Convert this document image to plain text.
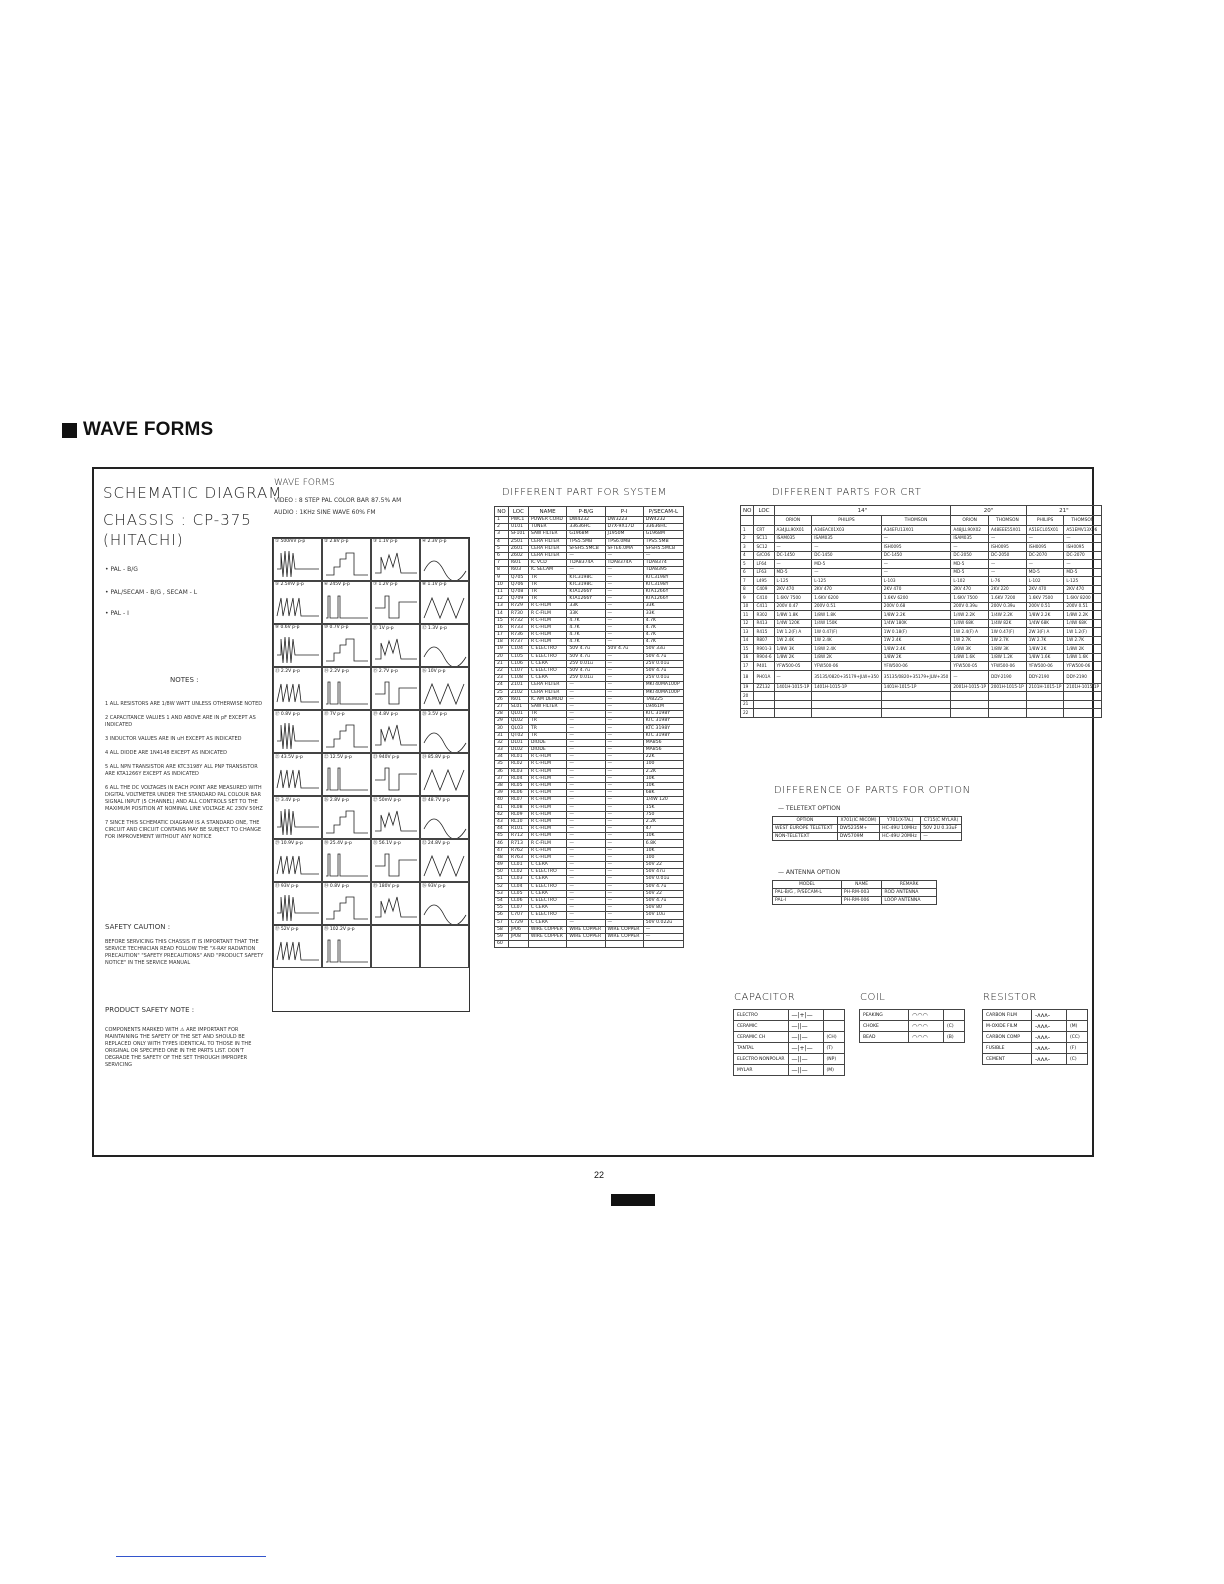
WAVE FORMS
SCHEMATIC DIAGRAM
CHASSIS : CP-375
(HITACHI)
• PAL - B/G
• PAL/SECAM - B/G , SECAM - L
• PAL - I
NOTES :
1 ALL RESISTORS ARE 1/8W WATT UNLESS OTHERWISE NOTED
2 CAPACITANCE VALUES 1 AND ABOVE ARE IN pF EXCEPT AS INDICATED
3 INDUCTOR VALUES ARE IN uH EXCEPT AS INDICATED
4 ALL DIODE ARE 1N4148 EXCEPT AS INDICATED
5 ALL NPN TRANSISTOR ARE KTC3198Y ALL PNP TRANSISTOR ARE KTA1266Y EXCEPT AS INDICATED
6 ALL THE DC VOLTAGES IN EACH POINT ARE MEASURED WITH DIGITAL VOLTMETER UNDER THE STANDARD PAL COLOUR BAR SIGNAL INPUT (5 CHANNEL) AND ALL CONTROLS SET TO THE MAXIMUM POSITION AT NOMINAL LINE VOLTAGE AC 230V 50HZ
7 SINCE THIS SCHEMATIC DIAGRAM IS A STANDARD ONE, THE CIRCUIT AND CIRCUIT CONTAINS MAY BE SUBJECT TO CHANGE FOR IMPROVEMENT WITHOUT ANY NOTICE
SAFETY CAUTION :
BEFORE SERVICING THIS CHASSIS IT IS IMPORTANT THAT THE SERVICE TECHNICIAN READ FOLLOW THE "X-RAY RADIATION PRECAUTION" "SAFETY PRECAUTIONS" AND "PRODUCT SAFETY NOTICE" IN THE SERVICE MANUAL
PRODUCT SAFETY NOTE :
COMPONENTS MARKED WITH ⚠ ARE IMPORTANT FOR MAINTAINING THE SAFETY OF THE SET AND SHOULD BE REPLACED ONLY WITH TYPES IDENTICAL TO THOSE IN THE ORIGINAL OR SPECIFIED ONE IN THE PARTS LIST. DON'T DEGRADE THE SAFETY OF THE SET THROUGH IMPROPER SERVICING
WAVE FORMS
VIDEO : 8 STEP PAL COLOR BAR 87.5% AM
AUDIO : 1KHz SINE WAVE 60% FM
① 500mV p-p	② 2.8V p-p	③ 1.1V p-p	④ 2.3V p-p
⑤ 2.5mV p-p	⑥ 245V p-p	⑦ 1.2V p-p	⑧ 1.1V p-p
⑨ 0.6V p-p	⑩ 0.7V p-p	⑪ 1V p-p	⑫ 1.3V p-p
⑬ 2.2V p-p	⑭ 2.2V p-p	⑮ 2.7V p-p	⑯ 10V p-p
⑰ 0.8V p-p	⑱ 7V p-p	⑲ 4.8V p-p	⑳ 3.5V p-p
㉑ 43.5V p-p	㉒ 12.5V p-p	㉓ 940V p-p	㉔ 85.8V p-p
㉕ 3.4V p-p	㉖ 2.8V p-p	㉗ 50mV p-p	㉘ 48.7V p-p
㉙ 10.9V p-p	㉚ 25.4V p-p	㉛ 56.1V p-p	㉜ 24.8V p-p
㉝ 93V p-p	㉞ 0.8V p-p	㉟ 180V p-p	㊱ 93V p-p
㊲ 52V p-p	㊳ 102.2V p-p
DIFFERENT PART FOR SYSTEM
NO	LOC	NAME	P-B/G	P-I	P/SECAM-L
1	PWC1	POWER CORD	DW4232	DW3223	DW4232
2	U101	TUNER	33636HC	D7X-9X17D	33636HC
3	SF101	SAW FILTER	G1968M	J1950M	G1968M
4	Z501	CERA FILTER	TPS5.5MB	TPS6.0MB	TPS5.5MB
5	Z601	CERA FILTER	SFSH5.5MCB	SFTE6.0MA	SFSH5.5MCB
6	Z602	CERA FILTER	—	—	—
7	I601	IC VCD	TDA8374A	TDA8374A	TDA8374
8	I603	IC SECAM	—	—	TDA8395
9	Q705	TR	KTC3198C	—	KTC3198Y
10	Q706	TR	KTC3198C	—	KTC3198Y
11	Q708	TR	KTA1266Y	—	KTA1266Y
12	Q709	TR	KTA1266Y	—	KTA1266Y
13	R729	R C-FILM	33K	—	33K
14	R730	R C-FILM	33K	—	33K
15	R732	R C-FILM	4.7K	—	4.7K
16	R733	R C-FILM	4.7K	—	4.7K
17	R736	R C-FILM	4.7K	—	4.7K
18	R737	R C-FILM	4.7K	—	4.7K
19	C104	C ELECTRO	50V 4.7u	50V 4.7u	50V 33u
20	C105	C ELECTRO	50V 4.7u	—	50V 4.7u
21	C106	C CERA	25V 0.01u	—	25V 0.01u
22	C107	C ELECTRO	50V 4.7u	—	50V 4.7u
23	C108	C CERA	25V 0.01u	—	25V 0.01u
24	Z101	CERA FILTER	—	—	MKT40MA100P
25	Z102	CERA FILTER	—	—	MKT40MA100P
26	I601	IC AM DEMOD	—	—	TA8225
27	SL01	SAW FILTER	—	—	L9461M
28	QL01	TR	—	—	KTC 3198Y
29	QL02	TR	—	—	KTC 3198Y
30	QL03	TR	—	—	KTC 3198Y
31	QT02	TR	—	—	KTC 3198Y
32	DL01	DIODE	—	—	MA856
33	DL02	DIODE	—	—	MA856
34	RL01	R C-FILM	—	—	22K
35	RL02	R C-FILM	—	—	100
36	RL03	R C-FILM	—	—	2.2K
37	RL04	R C-FILM	—	—	10K
38	RL05	R C-FILM	—	—	10K
39	RL06	R C-FILM	—	—	68K
40	RL07	R C-FILM	—	—	1/4W 120
41	RL08	R C-FILM	—	—	15K
42	RL09	R C-FILM	—	—	750
43	RL10	R C-FILM	—	—	2.2K
44	R101	R C-FILM	—	—	47
45	R712	R C-FILM	—	—	10K
46	R713	R C-FILM	—	—	6.8K
47	R762	R C-FILM	—	—	10K
48	R763	R C-FILM	—	—	100
49	CL01	C CERA	—	—	50V 22
50	CL02	C ELECTRO	—	—	50V 47u
51	CL03	C CERA	—	—	50V 0.01u
52	CL04	C ELECTRO	—	—	50V 4.7u
53	CL05	C CERA	—	—	50V 22
54	CL06	C ELECTRO	—	—	50V 4.7u
55	CL07	C CERA	—	—	50V 80
56	C707	C ELECTRO	—	—	50V 10u
57	C729	C CERA	—	—	50V 0.022u
58	JP06	WIRE COPPER	WIRE COPPER	WIRE COPPER	—
59	JP08	WIRE COPPER	WIRE COPPER	WIRE COPPER	—
60					
DIFFERENT PARTS FOR CRT
NO	LOC	14"			20"		21"	
		ORION	PHILIPS	THOMSON	ORION	THOMSON	PHILIPS	THOMSON
1	CRT	A34JLL90X01	A34EAC01X03	A34EFU13X01	A48JLL90X02	A48EEE55X01	A51ECL05X01	A51EMV13X06
2	SC11	ISAM035	ISAM035	—	ISAM035	—	—	—
3	SC12	—	—	ISH0095	—	ISH0095	ISH0095	ISH0095
4	G/CO6	DC-1450	DC-1450	DC-1450	DC-2050	DC-2050	DC-2070	DC-2070
5	LF64	—	MD-5	—	MD-5	—	—	—
6	LF63	MD-5	—	—	MD-5	—	MD-5	MD-5
7	L495	L-125	L-125	L-103	L-102	L-76	L-102	L-125
8	C409	2KV 470	2KV 470	2KV 470	2KV 470	2KV 220	2KV 470	2KV 470
9	C410	1.6KV 7500	1.6KV 6200	1.6KV 6200	1.6KV 7500	1.6KV 7200	1.6KV 7500	1.6KV 8200
10	C411	200V 0.47	200V 0.51	200V 0.68	200V 0.39u	200V 0.39u	200V 0.51	200V 0.51
11	R302	1/8W 1.8K	1/8W 1.8K	1/8W 2.2K	1/4W 2.2K	1/4W 2.2K	1/8W 2.2K	1/8W 2.2K
12	R413	1/4W 120K	1/4W 150K	1/4W 180K	1/4W 68K	1/4W 82K	1/4W 68K	1/4W 68K
13	R415	1W 1.2(F) A	1W 0.47(F)	1W 0.18(F)	1W 2.4(F) A	1W 0.47(F)	2W 3(F) A	1W 1.2(F)
14	R807	1W 2.4K	1W 2.4K	1W 2.4K	1W 2.7K	1W 2.7K	1W 2.7K	1W 2.7K
15	R901-3	1/8W 3K	1/8W 2.4K	1/8W 2.4K	1/8W 3K	1/8W 3K	1/8W 2K	1/8W 2K
16	R904-6	1/8W 2K	1/8W 2K	1/8W 2K	1/8W 1.6K	1/8W 1.2K	1/8W 1.6K	1/8W 1.6K
17	P401	YFW500-05	YFW500-06	YFW500-06	YFW500-05	YFW500-06	YFW500-06	YFW500-06
18	PH01A	—	35135/0820+35179+JLW+350	35135/0820+35179+JLW+350	—	DDY-2190	DDY-2190	DDY-2190
19	ZZ132	1401H-1015-1P	1401H-1015-1P	1401H-1015-1P	2001H-1015-1P	2001H-1015-1P	2101H-1015-1P	2101H-1015-1P
20								
21								
22								
DIFFERENCE OF PARTS FOR OPTION
— TELETEXT OPTION
OPTION	X701(IC MICOM)	Y701(X-TAL)	C715(C MYLAR)
WEST EUROPE TELETEXT	DW5235M+	HC-49U 10MHz	50V 2U 0.33uF
NON-TELETEXT	DW5709M	HC-49U 20MHz	—
— ANTENNA OPTION
MODEL	NAME	REMARK
PAL-B/G , P/SECAM-L	PH-RM-003	ROD ANTENNA
PAL-I	PH-RM-006	LOOP ANTENNA
CAPACITOR
ELECTRO	—|+|—	
CERAMIC	—||—	
CERAMIC CH	—||—	(CH)
TANTAL	—|+|—	(T)
ELECTRO NONPOLAR	—||—	(NP)
MYLAR	—||—	(M)
COIL
PEAKING	◠◠◠	
CHOKE	◠◠◠	(C)
BEAD	◠◠◠	(B)
RESISTOR
CARBON FILM	-ʌʌʌ-	
M-OXIDE FILM	-ʌʌʌ-	(M)
CARBON COMP	-ʌʌʌ-	(CC)
FUSIBLE	-ʌʌʌ-	(F)
CEMENT	-ʌʌʌ-	(C)
22
